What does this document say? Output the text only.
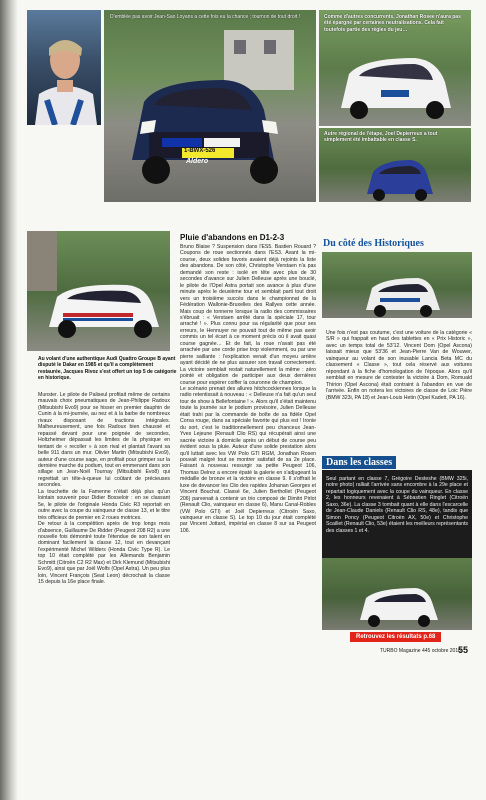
D'emblée pas avoir Jean-Sao Loyans a cette fois eu la chance ; tournon de tout droit !
1-BWX-526
Aldero
Comme d'autres concurrents, Jonathan Rosee n'aura pas été épargné par certaines neutralisations. Cela fait toutefois partie des règles du jeu…
Autre régional de l'étape, Joel Depierreux a tout simplement été imbattable en classe S.
Au volant d'une authentique Audi Quattro Groupe B ayant disputé le Dakar en 1985 et qu'il a complètement restaurée, Jacques Rivoz s'est offert un top 5 de catégorie en historique.
Pluie d'abandons en D1-2-3
Du côté des Historiques
Dans les classes

Munster. Le pilote de Paliseul profitait même de certains mauvais choix pneumatiques de Jean-Philippe Radoux (Mitsubishi Evo9) pour se hisser en premier dauphin de Cunin à la mi-journée, au nez et à la barbe de nombreux rivaux disposant de tractions intégrales. Malheureusement, une fois Radoux bien chaussé et repassé devant pour une poignée de secondes, Holtzheimer dépassait les limites de la physique en tentant de « recoller » à son rival et plantait l'avant sa belle 911 dans un mur. Olivier Martin (Mitsubishi Evo9), auteur d'une course sage, en profitait pour grimper sur la dernière marche du podium, tout en emmenant dans son sillage un Jean-Noël Tournay (Mitsubishi Evo8) qui regrettait un tête-à-queue lui coûtant de précieuses secondes.

La touchette de la Famenne n'était déjà plus qu'un lointain souvenir pour Didier Bosseloir : en se classant 5e, le pilote de l'originale Honda Civic R3 reportait en outre avec la coupe du vainqueur de classe 13, et le titre très officieux de premier en 2 roues motrices.

De retour à la compétition après de trop longs mois d'absence, Guillaume De Ridder (Peugeot 208 R2) a une nouvelle fois démontré toute l'étendue de son talent en dominant facilement la classe 12, tout en devançant l'expérimenté Michel Wilders (Honda Civic Type R). Le top 10 était complété par les Allemands Benjamin Schmitt (Citroën C2 R2 Max) et Dirk Klemund (Mitsubishi Evo9), ainsi que par Joël Wolfs (Opel Astra). Un peu plus loin, Vincent François (Seat Leon) décrochait la classe 15 depuis la 16e place finale.

Bruno Blaise ? Suspension dans l'ES5. Bastien Rouard ? Coupons de roue sectionnés dans l'ES3. Avant la mi-course, deux solides favoris avaient déjà rejoints la liste des abandons. De son côté, Christophe Verstaen n'a pas demandé son reste : isolé en tête avec plus de 30 secondes d'avance sur Julien Delleuse après une bouclé, le pilote de l'Opel Astra portait son avance à plus d'une minute après le deuxième tour et semblait parti tout droit vers un troisième succès dans le championnat de la Fédération Wallonie-Bruxelles des Rallyes cette année. Mais coup de tonnerre lorsque la radio des commissaires s'ébruait : « Verstaen arrêté dans la spéciale 17, tour arraché ! ». Plus connu pour sa régularité que pour ses erreurs, le Hennuyer ne pouvait tout de même pas avoir commis un tel écart à ce moment précis où il avait quasi course gagnée… Et de fait, la roue n'avait pas été arrachée par une corde prise trop violemment, ou par une pierre saillante : l'explication venait d'un moyeu arrière ayant décidé de ne plus assurer son travail correctement. La victoire semblait restait naturellement la même : zéro pointé et obligation de participer aux deux dernières course pour espérer coiffer la couronne de champion.

Le scénario prenait des allures hitchcockiennes lorsque la radio retentissait à nouveau : « Delleuse n'a fait qu'un seul tour de show à Bellefontaine ! ». Alors qu'il s'était maintenu toute la journée sur le podium provisoire, Julien Delleuse était trahi par la commande de boîte de sa fidèle Opel Corsa rouge, dans sa spéciale favorite qui plus est ! Ironie du sort, c'est le traditionnellement peu chanceux Jean-Yves Lejeune (Renault Clio RS) qui récupérait ainsi une sacrée victoire à domicile après un début de course peu évident sous la pluie. Auteur d'une solide prestation alors qu'il luttait avec les VW Polo GTI RGM, Jonathan Rosen pouvait malgré tout se montrer satisfait de sa 2e place. Faisant à nouveau ressurgir sa petite Peugeot 106, Thomas Delrez a encore épaté la galerie en s'adjugeant la médaille de bronze et la victoire en classe 9. Il s'offrait le luxe de devancer les Clio des rapides Johanan Georges et Vincent Bouchat. Classé 6e, Julien Berthollet (Peugeot 206) parvenait à contenir un trio composé de Dimitri Pirlot (Renault Clio, vainqueur en classe 6), Manu Canal-Robles (VW Polo GTI) et Joël Depierreux (Citroën Saxo, vainqueur en classe S). Le top 10 du jour était complété par Vincent Jottard, impérial en classe 8 sur sa Peugeot 106.

Une fois n'est pas coutume, c'est une voiture de la catégorie « S/R » qui frappait en haut des tablettes en « Prix Historic », avec un temps total de 53'12. Vincent Dom (Opel Ascona) laissait mieux que 53'36 et Jean-Pierre Van de Wouwer, vainqueur au volant de son inusable Lancia Beta MC du classement « Classe », tout cela réservé aux voitures répondant à la fiche d'homologation de l'époque. Alors qu'il semblait en mesure de contester la victoire à Dom, Romuald Thirion (Opel Ascona) était contraint à l'abandon en vue de l'arrivée. Enfin on notera les victoires de classe de Loic Pière (BMW 323i, PA 18) et Jean-Louis Hetin (Opel Kadett, PA 16).
Seul partant en classe 7, Grégoire Desteshe (BMW 325i, notre photo) ralliait l'arrivée sans encombre à la 29e place et repartait logiquement avec la coupe du vainqueur. En classe 2, les honneurs revenaient à Sébastien Ringlet (Citroën Saxo, 36e). La classe 3 tombait quant à elle dans l'escarcelle de Jean-Claude Daniels (Renault Clio RS, 48e), tandis que Simon Poncy (Peugeot Citroën AX, 50e) et Christophe Scaillet (Renault Clio, 53e) étaient les meilleurs représentants des classes 1 et 4.
Retrouvez les résultats p.68
TURBO Magazine 445 octobre 2016
55
